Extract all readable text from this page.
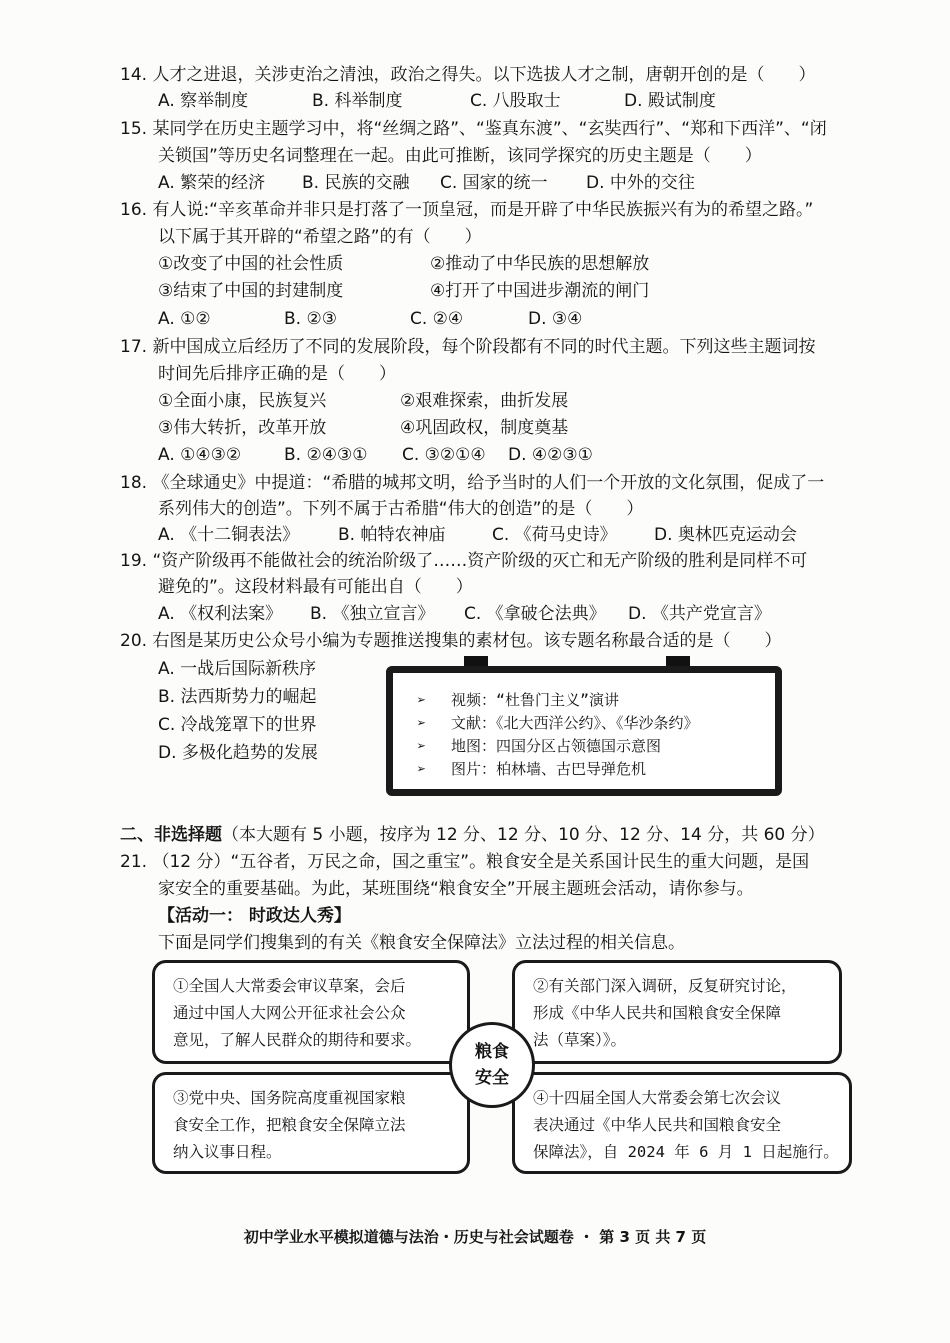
14. 人才之进退，关涉吏治之清浊，政治之得失。以下选拔人才之制，唐朝开创的是（　　）
A. 察举制度	B. 科举制度	C. 八股取士	D. 殿试制度
15. 某同学在历史主题学习中，将“丝绸之路”、“鉴真东渡”、“玄奘西行”、“郑和下西洋”、“闭
关锁国”等历史名词整理在一起。由此可推断，该同学探究的历史主题是（　　）
A. 繁荣的经济 B. 民族的交融 C. 国家的统一 D. 中外的交往
16. 有人说:“辛亥革命并非只是打落了一顶皇冠，而是开辟了中华民族振兴有为的希望之路。”
以下属于其开辟的“希望之路”的有（　　）
①改变了中国的社会性质	②推动了中华民族的思想解放
③结束了中国的封建制度	④打开了中国进步潮流的闸门
A. ①②	B. ②③	C. ②④	D. ③④
17. 新中国成立后经历了不同的发展阶段，每个阶段都有不同的时代主题。下列这些主题词按
时间先后排序正确的是（　　）
①全面小康，民族复兴	②艰难探索，曲折发展
③伟大转折，改革开放	④巩固政权，制度奠基
A. ①④③②	B. ②④③① C. ③②①④ D. ④②③①
18. 《全球通史》中提道：“希腊的城邦文明，给予当时的人们一个开放的文化氛围，促成了一
系列伟大的创造”。下列不属于古希腊“伟大的创造”的是（　　）
A. 《十二铜表法》 B. 帕特农神庙	C. 《荷马史诗》 D. 奥林匹克运动会
19. “资产阶级再不能做社会的统治阶级了……资产阶级的灭亡和无产阶级的胜利是同样不可
避免的”。这段材料最有可能出自（　　）
A. 《权利法案》 B. 《独立宣言》 C. 《拿破仑法典》 D. 《共产党宣言》
20. 右图是某历史公众号小编为专题推送搜集的素材包。该专题名称最合适的是（　　）
A. 一战后国际新秩序
B. 法西斯势力的崛起
C. 冷战笼罩下的世界
D. 多极化趋势的发展
➢ 视频：“杜鲁门主义”演讲
➢ 文献：《北大西洋公约》、《华沙条约》
➢ 地图：四国分区占领德国示意图
➢ 图片：柏林墙、古巴导弹危机
二、非选择题（本大题有 5 小题，按序为 12 分、12 分、10 分、12 分、14 分，共 60 分）
21. （12 分）“五谷者，万民之命，国之重宝”。粮食安全是关系国计民生的重大问题，是国
家安全的重要基础。为此，某班围绕“粮食安全”开展主题班会活动，请你参与。
【活动一： 时政达人秀】
下面是同学们搜集到的有关《粮食安全保障法》立法过程的相关信息。
①全国人大常委会审议草案，会后
通过中国人大网公开征求社会公众
意见，了解人民群众的期待和要求。
②有关部门深入调研，反复研究讨论，
形成《中华人民共和国粮食安全保障
法（草案）》。
③党中央、国务院高度重视国家粮
食安全工作，把粮食安全保障立法
纳入议事日程。
④十四届全国人大常委会第七次会议
表决通过《中华人民共和国粮食安全
保障法》，自 2024 年 6 月 1 日起施行。
粮食
安全
初中学业水平模拟道德与法治・历史与社会试题卷 ・ 第 3 页 共 7 页
